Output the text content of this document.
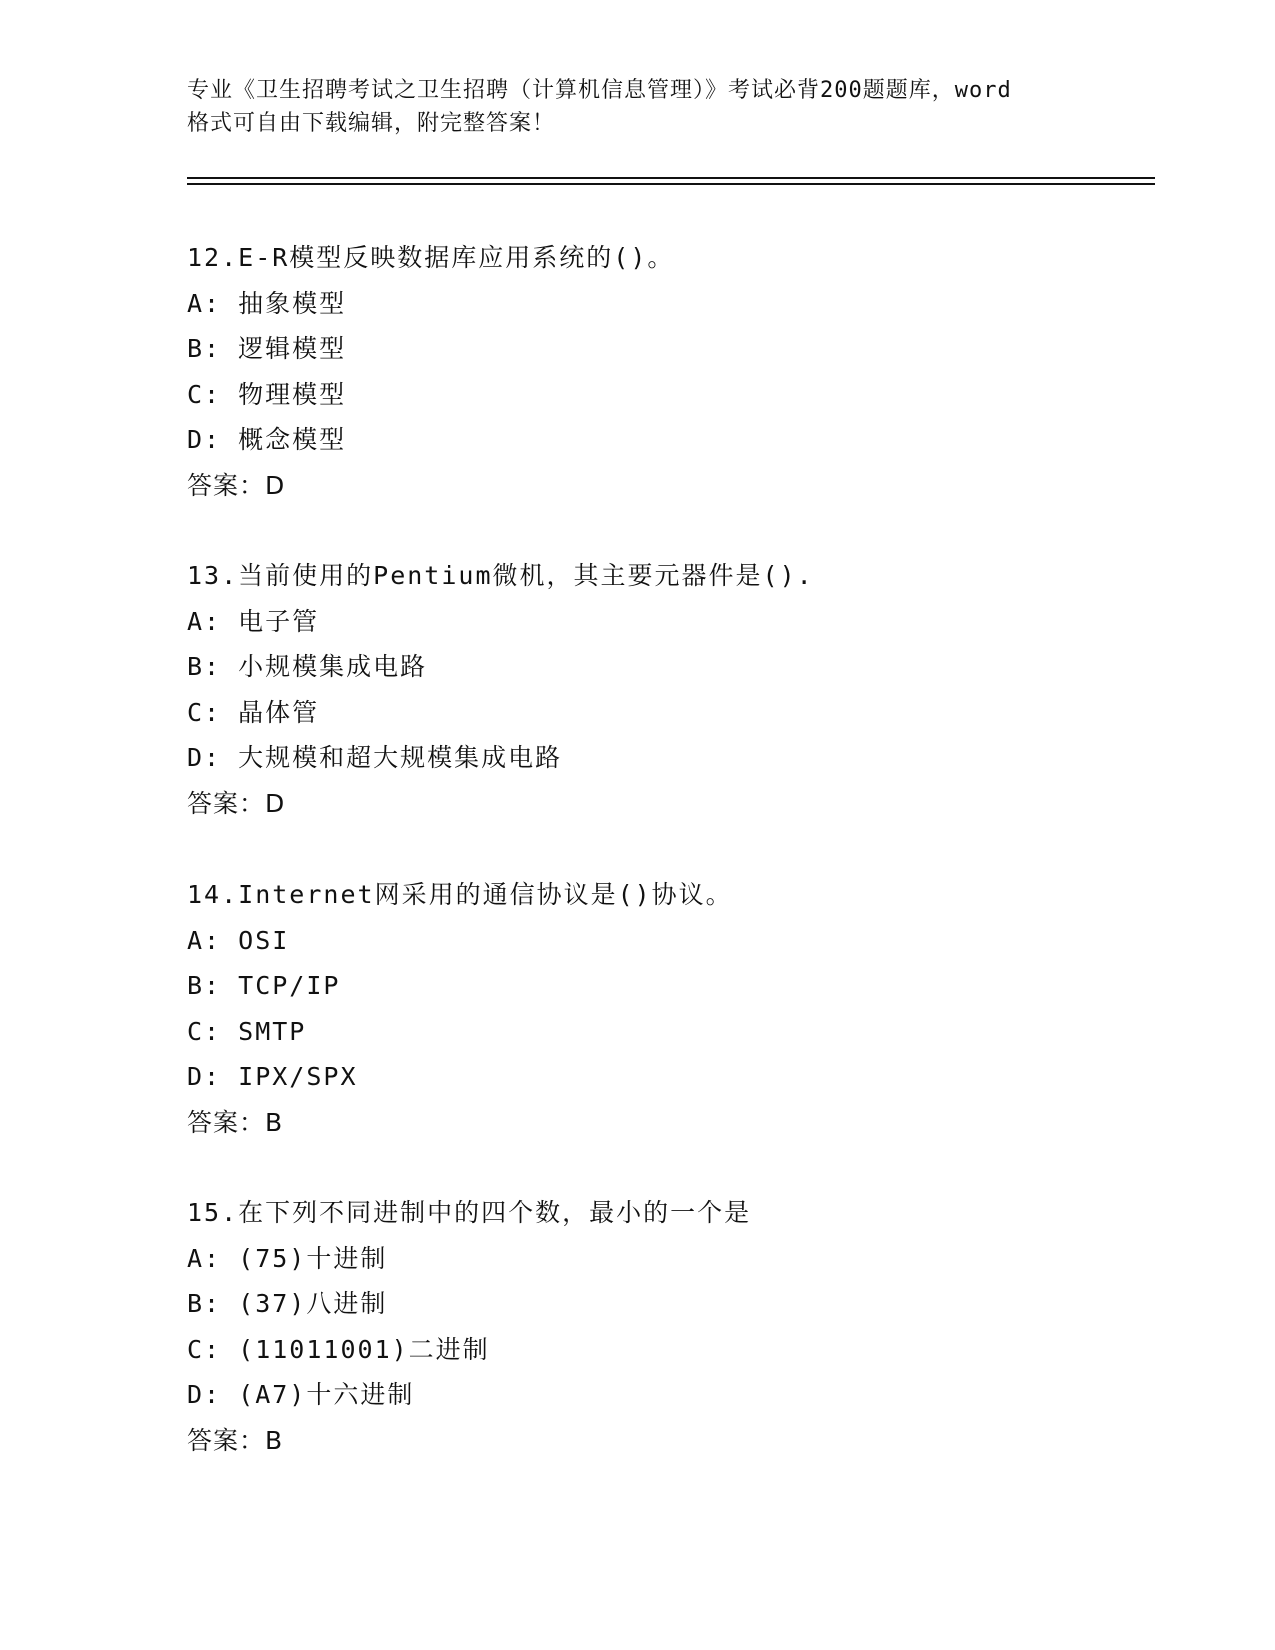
专业《卫生招聘考试之卫生招聘（计算机信息管理）》考试必背200题题库，word
格式可自由下载编辑，附完整答案！
12.E-R模型反映数据库应用系统的()。
A: 抽象模型
B: 逻辑模型
C: 物理模型
D: 概念模型
答案：D
13.当前使用的Pentium微机，其主要元器件是().
A: 电子管
B: 小规模集成电路
C: 晶体管
D: 大规模和超大规模集成电路
答案：D
14.Internet网采用的通信协议是()协议。
A: OSI
B: TCP/IP
C: SMTP
D: IPX/SPX
答案：B
15.在下列不同进制中的四个数，最小的一个是
A: (75)十进制
B: (37)八进制
C: (11011001)二进制
D: (A7)十六进制
答案：B
